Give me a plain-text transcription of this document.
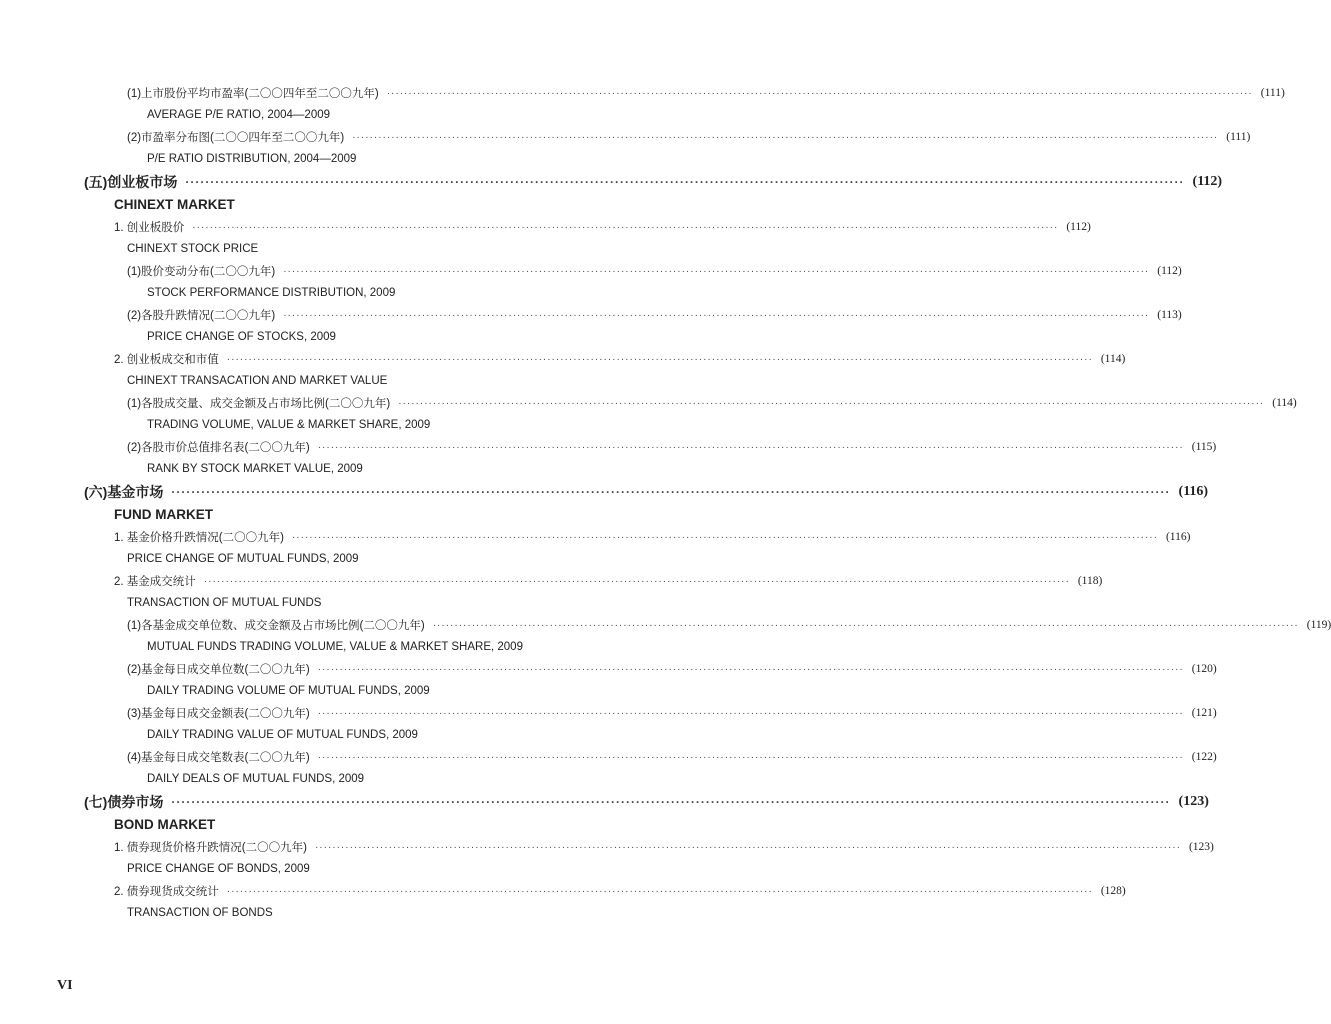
(1)上市股份平均市盈率(二〇〇四年至二〇〇九年) ········································································································································································································ (111)
AVERAGE P/E RATIO, 2004—2009
(2)市盈率分布图(二〇〇四年至二〇〇九年) ········································································································································································································ (111)
P/E RATIO DISTRIBUTION, 2004—2009
(五)创业板市场 ········································································································································································································ (112)
CHINEXT MARKET
1. 创业板股价 ········································································································································································································ (112)
CHINEXT STOCK PRICE
(1)股价变动分布(二〇〇九年) ········································································································································································································ (112)
STOCK PERFORMANCE DISTRIBUTION, 2009
(2)各股升跌情况(二〇〇九年) ········································································································································································································ (113)
PRICE CHANGE OF STOCKS, 2009
2. 创业板成交和市值 ········································································································································································································ (114)
CHINEXT TRANSACATION AND MARKET VALUE
(1)各股成交量、成交金额及占市场比例(二〇〇九年) ········································································································································································································ (114)
TRADING VOLUME, VALUE & MARKET SHARE, 2009
(2)各股市价总值排名表(二〇〇九年) ········································································································································································································ (115)
RANK BY STOCK MARKET VALUE, 2009
(六)基金市场 ········································································································································································································ (116)
FUND MARKET
1. 基金价格升跌情况(二〇〇九年) ········································································································································································································ (116)
PRICE CHANGE OF MUTUAL FUNDS, 2009
2. 基金成交统计 ········································································································································································································ (118)
TRANSACTION OF MUTUAL FUNDS
(1)各基金成交单位数、成交金额及占市场比例(二〇〇九年) ········································································································································································································ (119)
MUTUAL FUNDS TRADING VOLUME, VALUE & MARKET SHARE, 2009
(2)基金每日成交单位数(二〇〇九年) ········································································································································································································ (120)
DAILY TRADING VOLUME OF MUTUAL FUNDS, 2009
(3)基金每日成交金额表(二〇〇九年) ········································································································································································································ (121)
DAILY TRADING VALUE OF MUTUAL FUNDS, 2009
(4)基金每日成交笔数表(二〇〇九年) ········································································································································································································ (122)
DAILY DEALS OF MUTUAL FUNDS, 2009
(七)债券市场 ········································································································································································································ (123)
BOND MARKET
1. 债券现货价格升跌情况(二〇〇九年) ········································································································································································································ (123)
PRICE CHANGE OF BONDS, 2009
2. 债券现货成交统计 ········································································································································································································ (128)
TRANSACTION OF BONDS
VI
